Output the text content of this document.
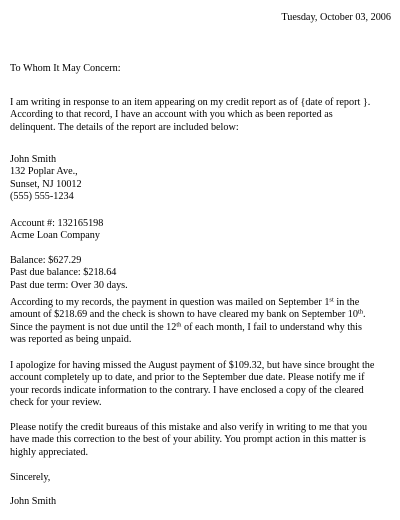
Tuesday, October 03, 2006
To Whom It May Concern:
I am writing in response to an item appearing on my credit report as of {date of report }.
According to that record, I have an account with you which as been reported as
delinquent. The details of the report are included below:
John Smith
132 Poplar Ave.,
Sunset, NJ 10012
(555) 555-1234
Account #: 132165198
Acme Loan Company
Balance: $627.29
Past due balance: $218.64
Past due term: Over 30 days.
According to my records, the payment in question was mailed on September 1st in the
amount of $218.69 and the check is shown to have cleared my bank on September 10th.
Since the payment is not due until the 12th of each month, I fail to understand why this
was reported as being unpaid.
I apologize for having missed the August payment of $109.32, but have since brought the
account completely up to date, and prior to the September due date. Please notify me if
your records indicate information to the contrary. I have enclosed a copy of the cleared
check for your review.
Please notify the credit bureaus of this mistake and also verify in writing to me that you
have made this correction to the best of your ability. You prompt action in this matter is
highly appreciated.
Sincerely,
John Smith
